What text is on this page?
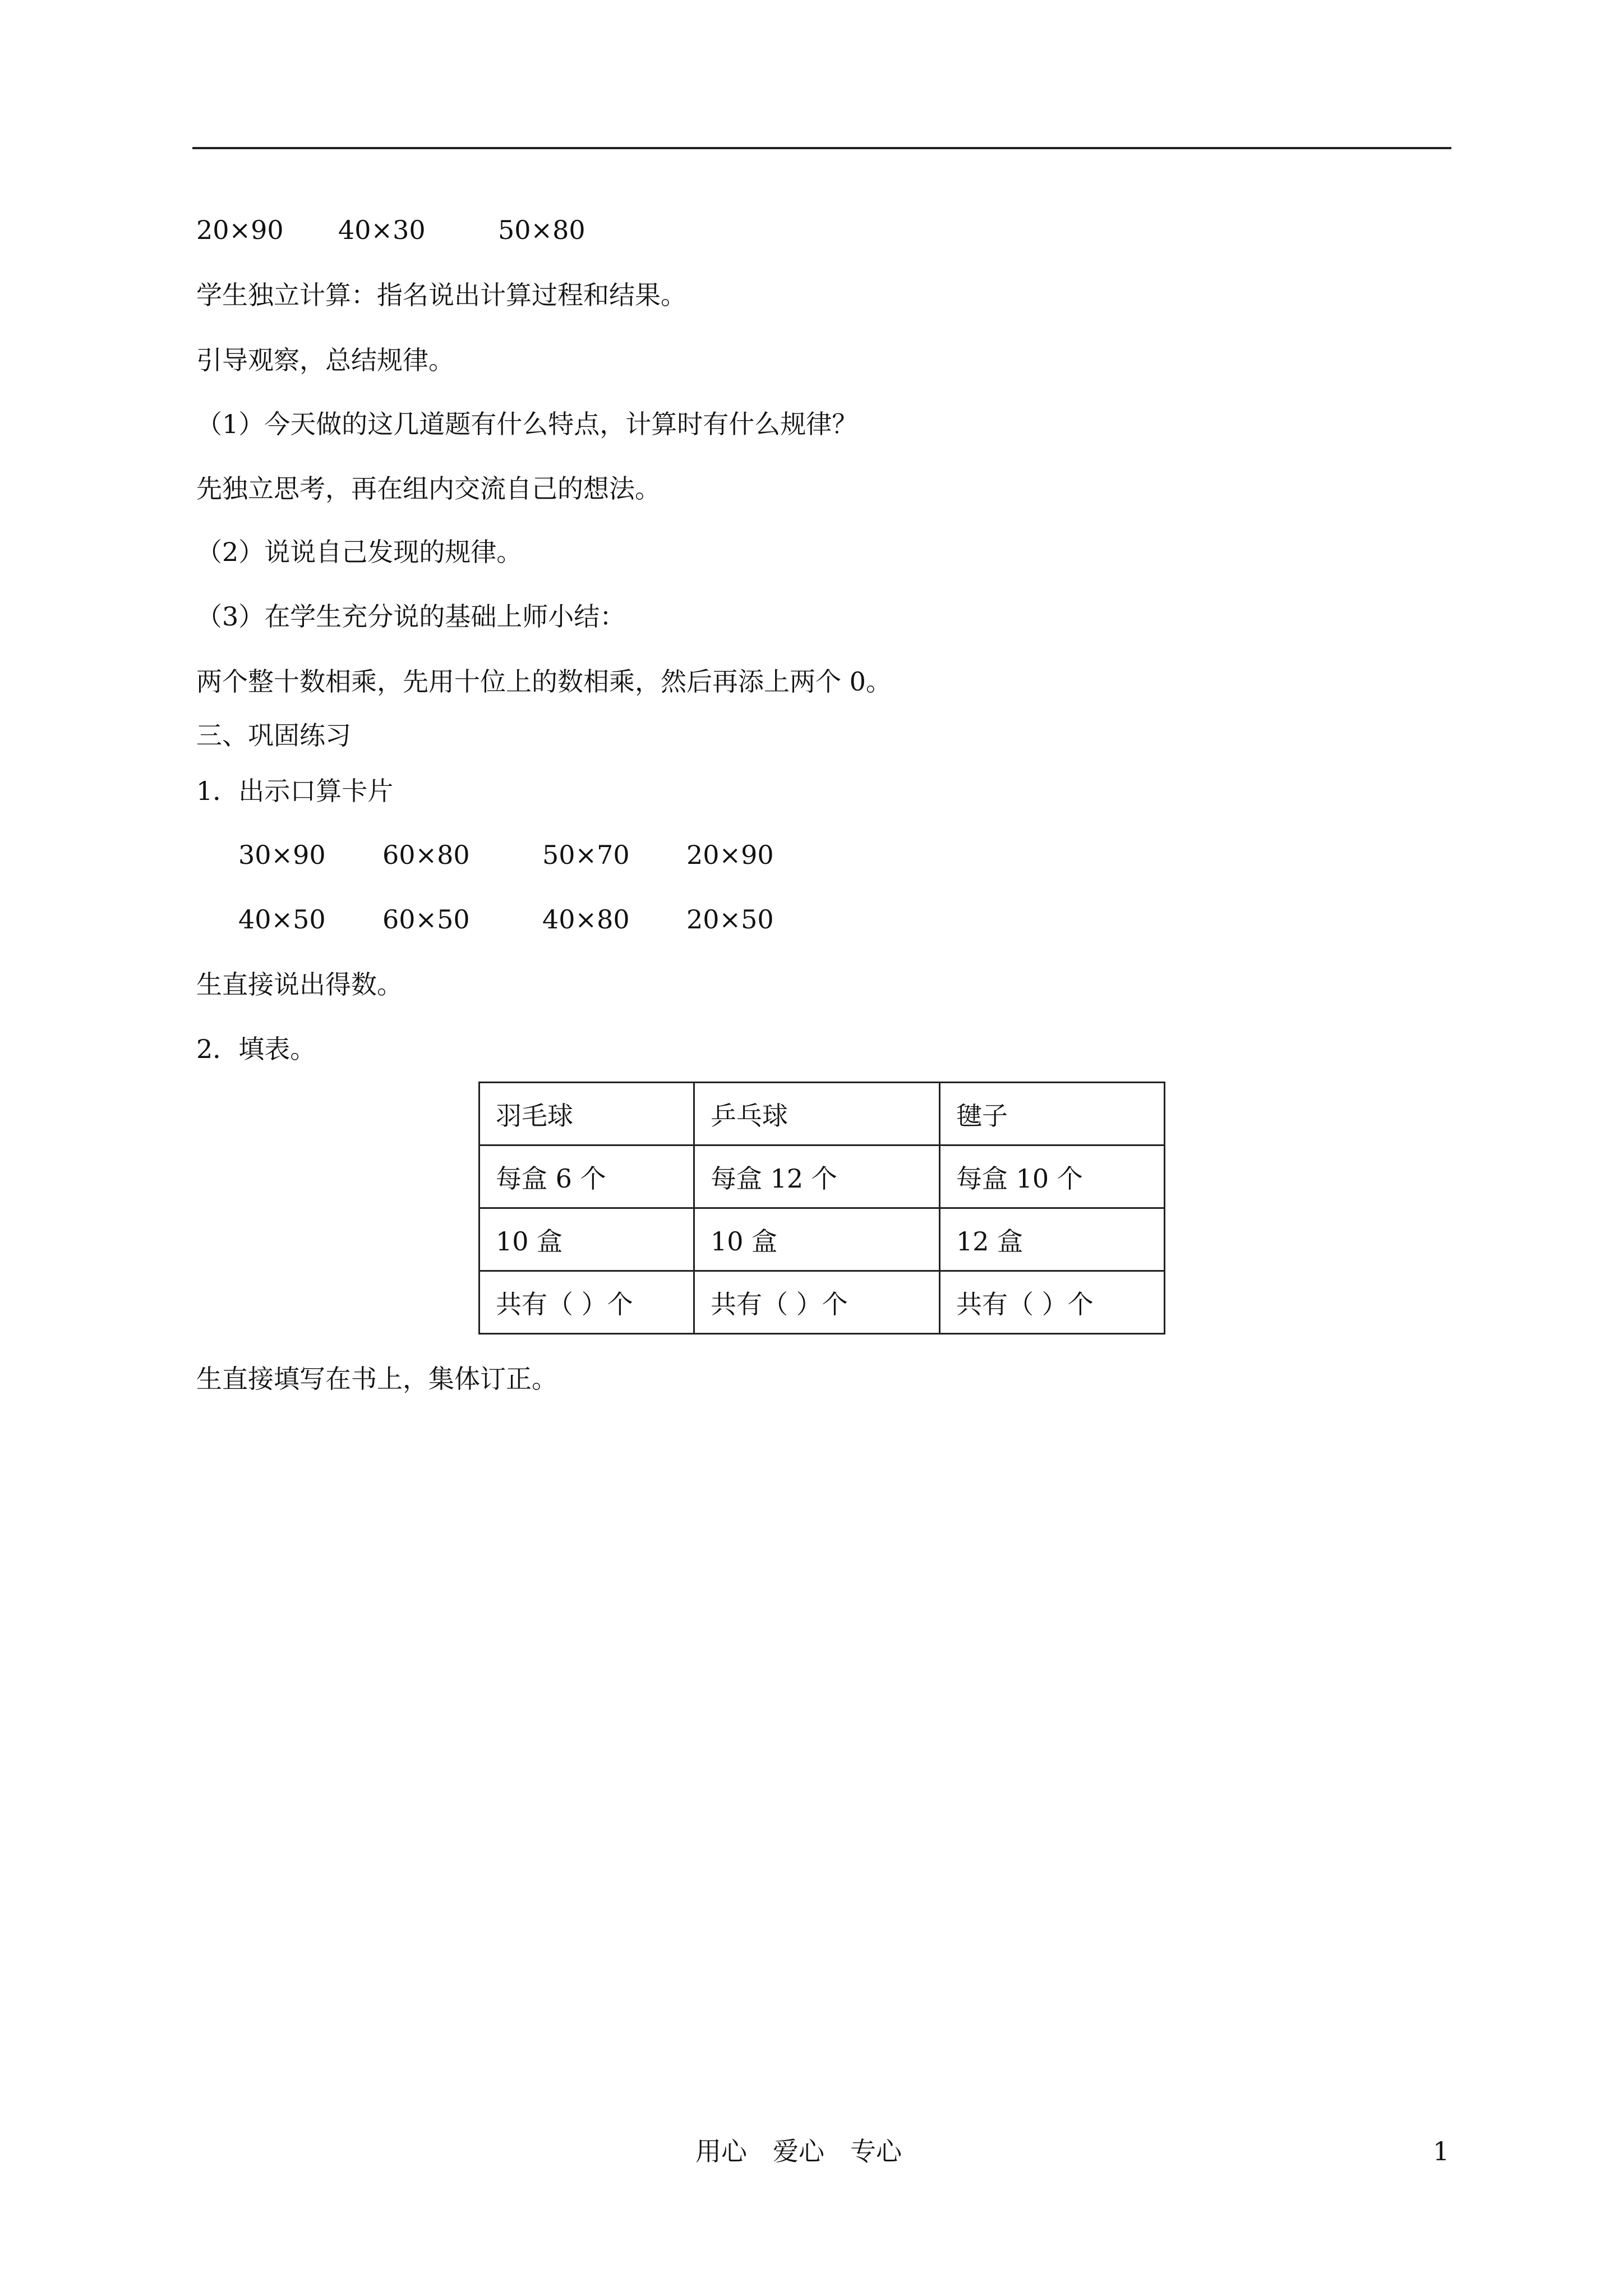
20×90 40×30	50×80
学生独立计算：指名说出计算过程和结果。
引导观察，总结规律。
（1）今天做的这几道题有什么特点，计算时有什么规律？
先独立思考，再在组内交流自己的想法。
（2）说说自己发现的规律。
（3）在学生充分说的基础上师小结：
两个整十数相乘，先用十位上的数相乘，然后再添上两个 0。
三、巩固练习
1．出示口算卡片
30×90 60×80	50×70 20×90
40×50 60×50	40×80 20×50
生直接说出得数。
2．填表。
羽毛球	乒乓球	毽子
每盒 6 个	每盒 12 个	每盒 10 个
10 盒	10 盒	12 盒
共有（ ）个	共有（ ）个	共有（ ）个
生直接填写在书上，集体订正。
用心　爱心　专心	1
